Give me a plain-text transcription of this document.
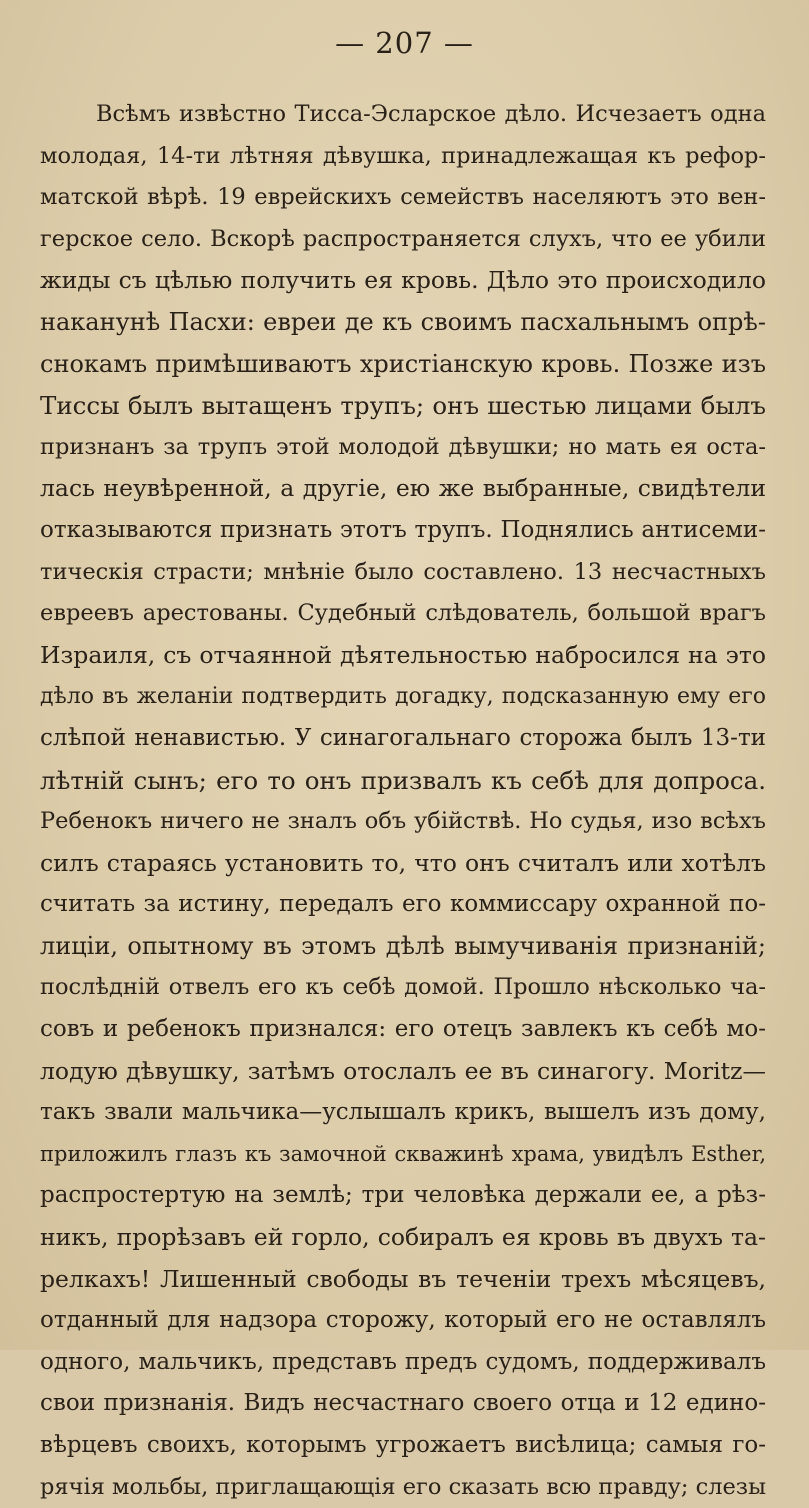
— 207 —
Всѣмъ извѣстно Тисса-Эсларское дѣло. Исчезаетъ одна
молодая, 14-ти лѣтняя дѣвушка, принадлежащая къ рефор-
матской вѣрѣ. 19 еврейскихъ семействъ населяютъ это вен-
герское село. Вскорѣ распространяется слухъ, что ее убили
жиды съ цѣлью получить ея кровь. Дѣло это происходило
наканунѣ Пасхи: евреи де къ своимъ пасхальнымъ опрѣ-
снокамъ примѣшиваютъ христіанскую кровь. Позже изъ
Тиссы былъ вытащенъ трупъ; онъ шестью лицами былъ
признанъ за трупъ этой молодой дѣвушки; но мать ея оста-
лась неувѣренной, а другіе, ею же выбранные, свидѣтели
отказываются признать этотъ трупъ. Поднялись антисеми-
тическія страсти; мнѣніе было составлено. 13 несчастныхъ
евреевъ арестованы. Судебный слѣдователь, большой врагъ
Израиля, съ отчаянной дѣятельностью набросился на это
дѣло въ желаніи подтвердить догадку, подсказанную ему его
слѣпой ненавистью. У синагогальнаго сторожа былъ 13-ти
лѣтній сынъ; его то онъ призвалъ къ себѣ для допроса.
Ребенокъ ничего не зналъ объ убійствѣ. Но судья, изо всѣхъ
силъ стараясь установить то, что онъ считалъ или хотѣлъ
считать за истину, передалъ его коммиссару охранной по-
лиціи, опытному въ этомъ дѣлѣ вымучиванія признаній;
послѣдній отвелъ его къ себѣ домой. Прошло нѣсколько ча-
совъ и ребенокъ признался: его отецъ завлекъ къ себѣ мо-
лодую дѣвушку, затѣмъ отослалъ ее въ синагогу. Moritz—
такъ звали мальчика—услышалъ крикъ, вышелъ изъ дому,
приложилъ глазъ къ замочной скважинѣ храма, увидѣлъ Esther,
распростертую на землѣ; три человѣка держали ее, а рѣз-
никъ, прорѣзавъ ей горло, собиралъ ея кровь въ двухъ та-
релкахъ! Лишенный свободы въ теченіи трехъ мѣсяцевъ,
отданный для надзора сторожу, который его не оставлялъ
одного, мальчикъ, представъ предъ судомъ, поддерживалъ
свои признанія. Видъ несчастнаго своего отца и 12 едино-
вѣрцевъ своихъ, которымъ угрожаетъ висѣлица; самыя го-
рячія мольбы, приглащающія его сказать всю правду; слезы
